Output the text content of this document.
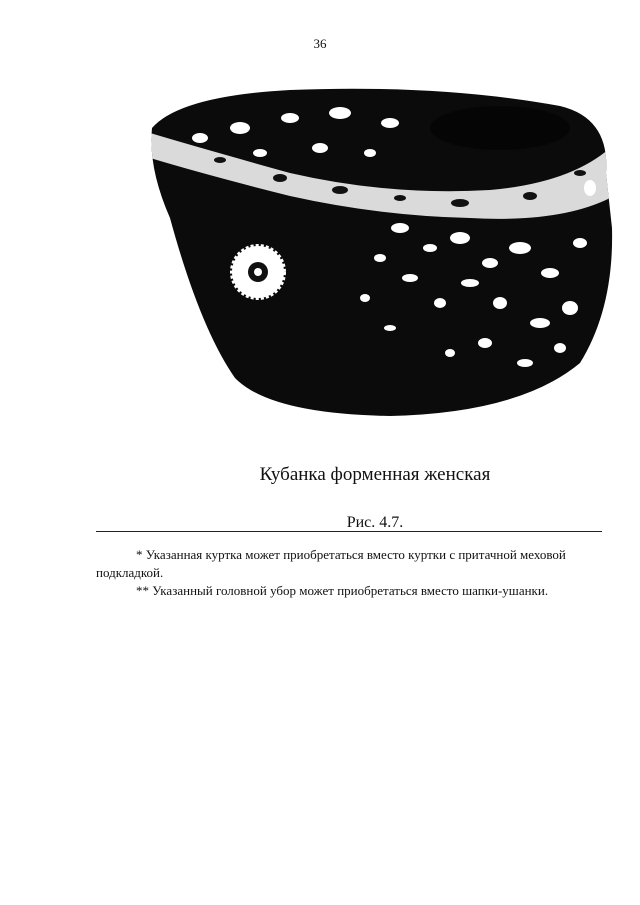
36
Кубанка форменная женская
Рис. 4.7.

* Указанная куртка может приобретаться вместо куртки с притачной меховой подкладкой.

** Указанный головной убор может приобретаться вместо шапки-ушанки.
